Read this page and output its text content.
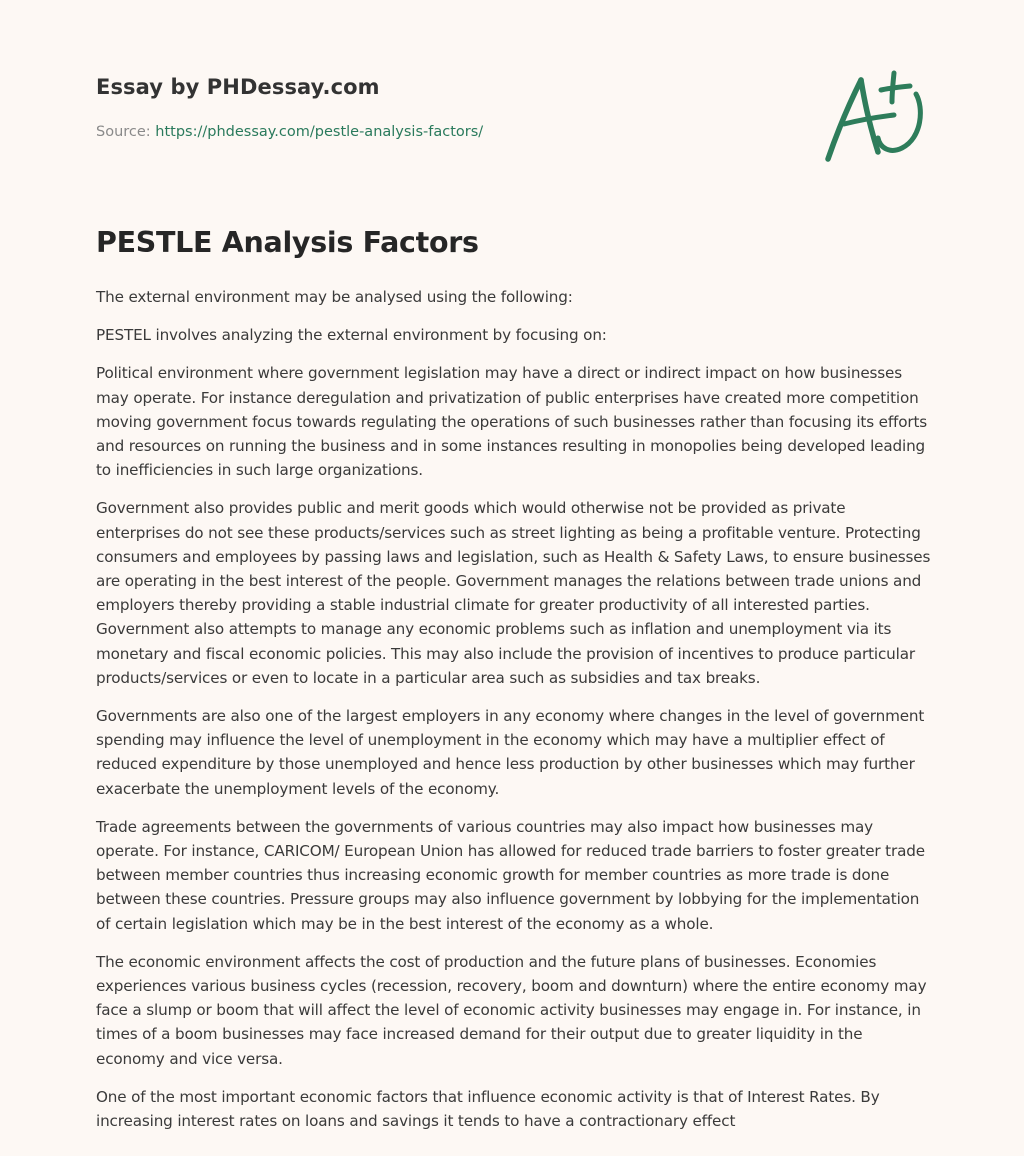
Essay by PHDessay.com
Source: https://phdessay.com/pestle-analysis-factors/
PESTLE Analysis Factors

The external environment may be analysed using the following:

PESTEL involves analyzing the external environment by focusing on:

Political environment where government legislation may have a direct or indirect impact on how businesses may operate. For instance deregulation and privatization of public enterprises have created more competition moving government focus towards regulating the operations of such businesses rather than focusing its efforts and resources on running the business and in some instances resulting in monopolies being developed leading to inefficiencies in such large organizations.

Government also provides public and merit goods which would otherwise not be provided as private enterprises do not see these products/services such as street lighting as being a profitable venture. Protecting consumers and employees by passing laws and legislation, such as Health & Safety Laws, to ensure businesses are operating in the best interest of the people. Government manages the relations between trade unions and employers thereby providing a stable industrial climate for greater productivity of all interested parties. Government also attempts to manage any economic problems such as inflation and unemployment via its monetary and fiscal economic policies. This may also include the provision of incentives to produce particular products/services or even to locate in a particular area such as subsidies and tax breaks.

Governments are also one of the largest employers in any economy where changes in the level of government spending may influence the level of unemployment in the economy which may have a multiplier effect of reduced expenditure by those unemployed and hence less production by other businesses which may further exacerbate the unemployment levels of the economy.

Trade agreements between the governments of various countries may also impact how businesses may operate. For instance, CARICOM/ European Union has allowed for reduced trade barriers to foster greater trade between member countries thus increasing economic growth for member countries as more trade is done between these countries. Pressure groups may also influence government by lobbying for the implementation of certain legislation which may be in the best interest of the economy as a whole.

The economic environment affects the cost of production and the future plans of businesses. Economies experiences various business cycles (recession, recovery, boom and downturn) where the entire economy may face a slump or boom that will affect the level of economic activity businesses may engage in. For instance, in times of a boom businesses may face increased demand for their output due to greater liquidity in the economy and vice versa.

One of the most important economic factors that influence economic activity is that of Interest Rates. By increasing interest rates on loans and savings it tends to have a contractionary effect
